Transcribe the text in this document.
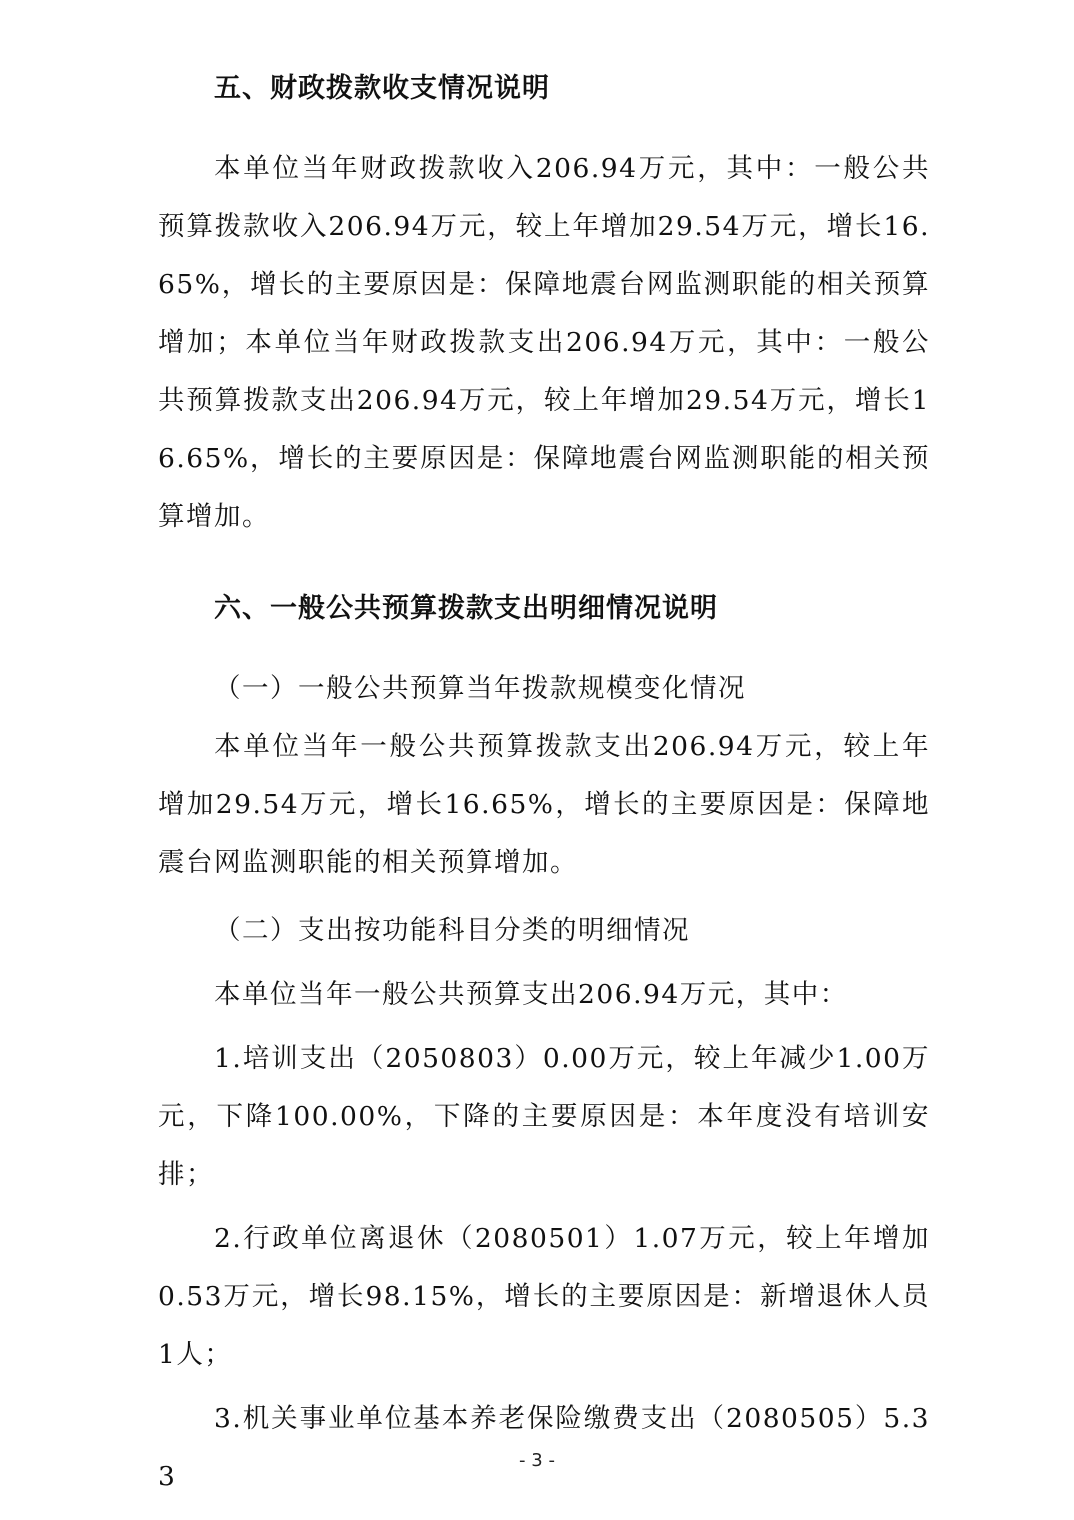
五、财政拨款收支情况说明

本单位当年财政拨款收入206.94万元，其中：一般公共预算拨款收入206.94万元，较上年增加29.54万元，增长16.65%，增长的主要原因是：保障地震台网监测职能的相关预算增加；本单位当年财政拨款支出206.94万元，其中：一般公共预算拨款支出206.94万元，较上年增加29.54万元，增长16.65%，增长的主要原因是：保障地震台网监测职能的相关预算增加。

六、一般公共预算拨款支出明细情况说明

（一）一般公共预算当年拨款规模变化情况

本单位当年一般公共预算拨款支出206.94万元，较上年增加29.54万元，增长16.65%，增长的主要原因是：保障地震台网监测职能的相关预算增加。

（二）支出按功能科目分类的明细情况

本单位当年一般公共预算支出206.94万元，其中：

1.培训支出（2050803）0.00万元，较上年减少1.00万元，下降100.00%，下降的主要原因是：本年度没有培训安排；

2.行政单位离退休（2080501）1.07万元，较上年增加0.53万元，增长98.15%，增长的主要原因是：新增退休人员1人；

3.机关事业单位基本养老保险缴费支出（2080505）5.33

- 3 -
